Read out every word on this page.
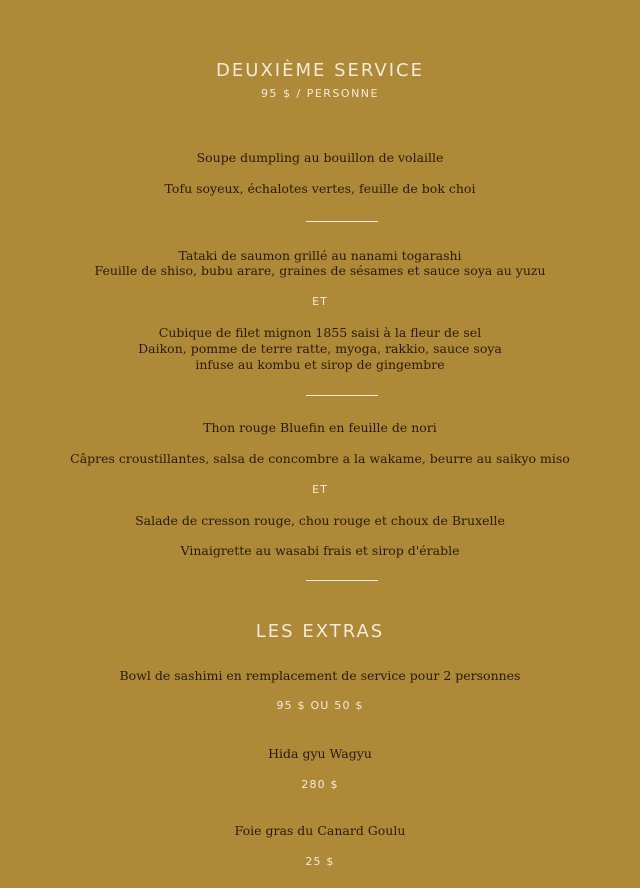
DEUXIÈME SERVICE
95 $ / PERSONNE
Soupe dumpling au bouillon de volaille
Tofu soyeux, échalotes vertes, feuille de bok choi
Tataki de saumon grillé au nanami togarashi
Feuille de shiso, bubu arare, graines de sésames et sauce soya au yuzu
ET
Cubique de filet mignon 1855 saisi à la fleur de sel
Daikon, pomme de terre ratte, myoga, rakkio, sauce soya
infuse au kombu et sirop de gingembre
Thon rouge Bluefin en feuille de nori
Câpres croustillantes, salsa de concombre a la wakame, beurre au saikyo miso
ET
Salade de cresson rouge, chou rouge et choux de Bruxelle
Vinaigrette au wasabi frais et sirop d'érable
LES EXTRAS
Bowl de sashimi en remplacement de service pour 2 personnes
95 $ OU 50 $
Hida gyu Wagyu
280 $
Foie gras du Canard Goulu
25 $
